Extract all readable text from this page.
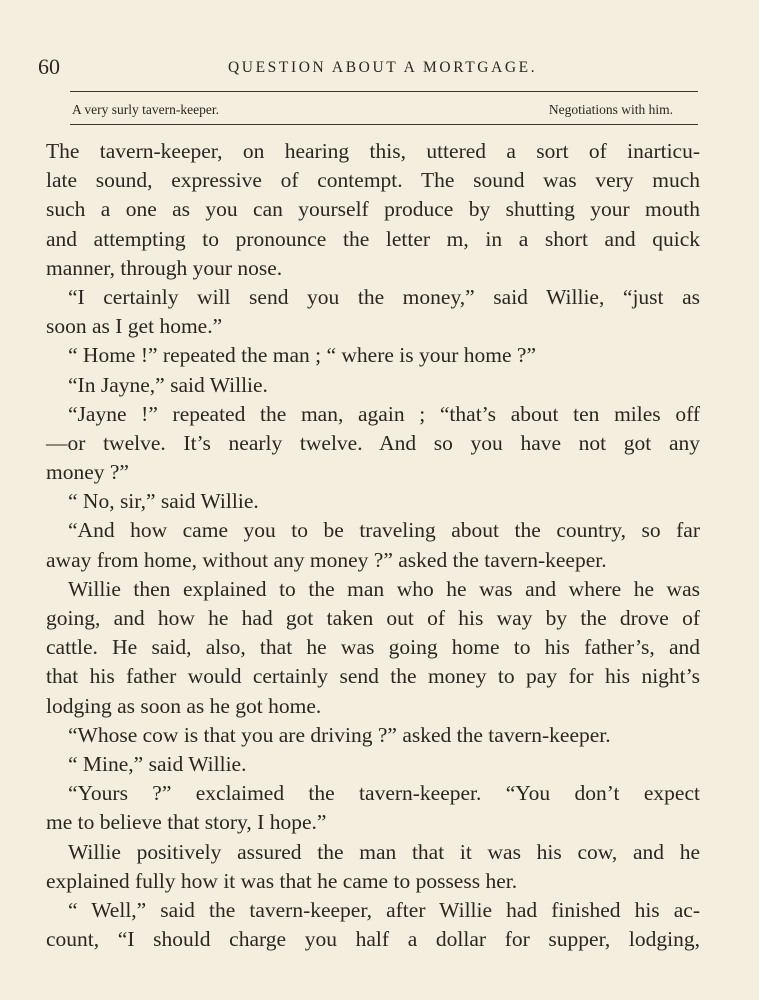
60	QUESTION ABOUT A MORTGAGE.
A very surly tavern-keeper.	Negotiations with him.
The tavern-keeper, on hearing this, uttered a sort of inarticu-
late sound, expressive of contempt. The sound was very much
such a one as you can yourself produce by shutting your mouth
and attempting to pronounce the letter m, in a short and quick
manner, through your nose.
“I certainly will send you the money,” said Willie, “just as
soon as I get home.”
“ Home !” repeated the man ; “ where is your home ?”
“In Jayne,” said Willie.
“Jayne !” repeated the man, again ; “that’s about ten miles off
—or twelve. It’s nearly twelve. And so you have not got any
money ?”
“ No, sir,” said Willie.
“And how came you to be traveling about the country, so far
away from home, without any money ?” asked the tavern-keeper.
Willie then explained to the man who he was and where he was
going, and how he had got taken out of his way by the drove of
cattle. He said, also, that he was going home to his father’s, and
that his father would certainly send the money to pay for his night’s
lodging as soon as he got home.
“Whose cow is that you are driving ?” asked the tavern-keeper.
“ Mine,” said Willie.
“Yours ?” exclaimed the tavern-keeper. “You don’t expect
me to believe that story, I hope.”
Willie positively assured the man that it was his cow, and he
explained fully how it was that he came to possess her.
“ Well,” said the tavern-keeper, after Willie had finished his ac-
count, “I should charge you half a dollar for supper, lodging,
